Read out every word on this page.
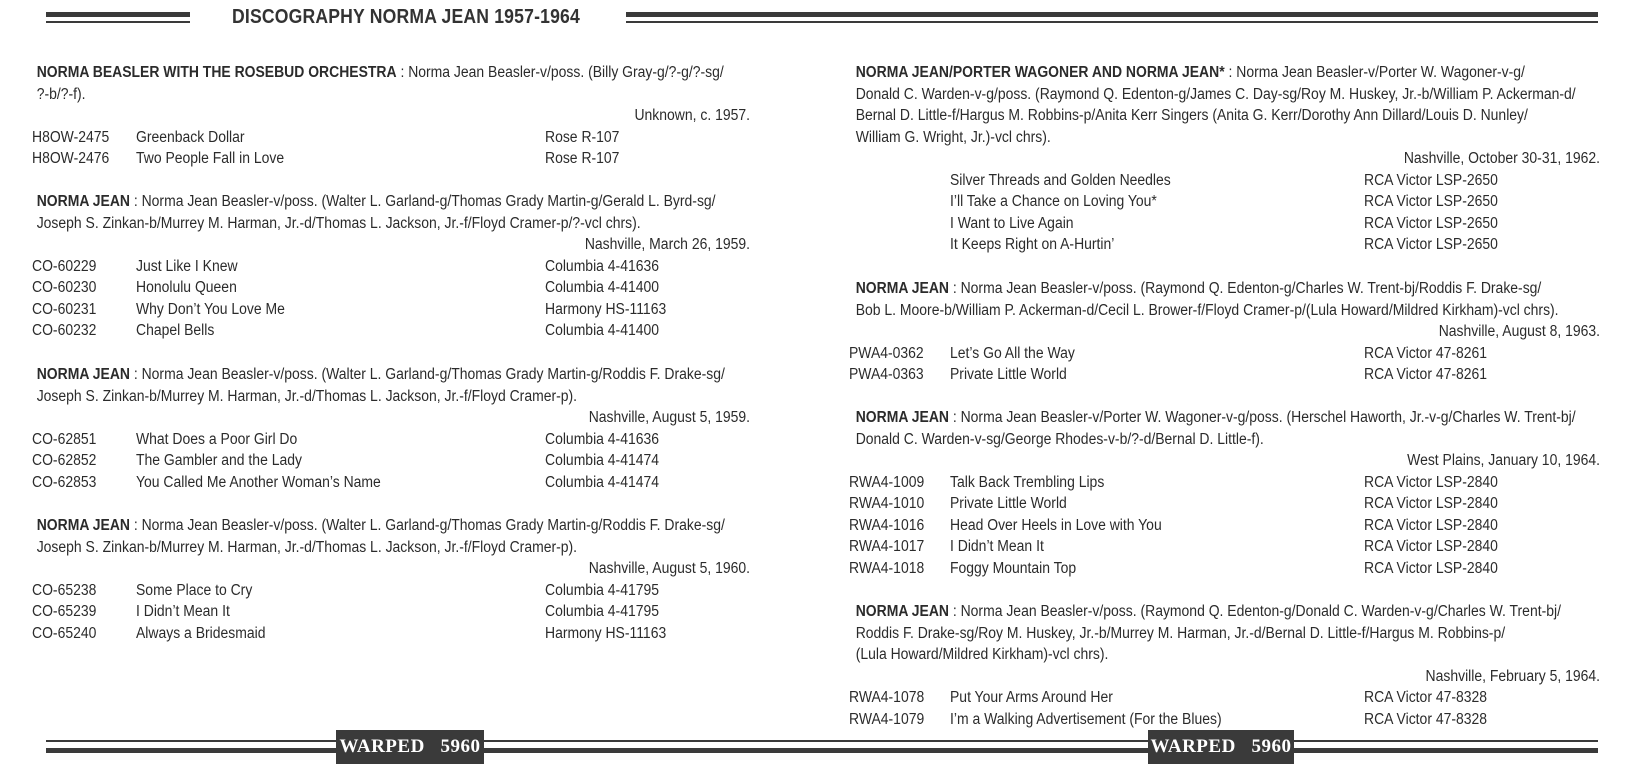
DISCOGRAPHY NORMA JEAN 1957-1964
NORMA BEASLER WITH THE ROSEBUD ORCHESTRA : Norma Jean Beasler-v/poss. (Billy Gray-g/?-g/?-sg/
?-b/?-f).
Unknown, c. 1957.
H8OW-2475 Greenback Dollar	Rose R-107
H8OW-2476 Two People Fall in Love	Rose R-107
NORMA JEAN : Norma Jean Beasler-v/poss. (Walter L. Garland-g/Thomas Grady Martin-g/Gerald L. Byrd-sg/
Joseph S. Zinkan-b/Murrey M. Harman, Jr.-d/Thomas L. Jackson, Jr.-f/Floyd Cramer-p/?-vcl chrs).
Nashville, March 26, 1959.
CO-60229	Just Like I Knew	Columbia 4-41636
CO-60230	Honolulu Queen	Columbia 4-41400
CO-60231	Why Don’t You Love Me	Harmony HS-11163
CO-60232	Chapel Bells	Columbia 4-41400
NORMA JEAN : Norma Jean Beasler-v/poss. (Walter L. Garland-g/Thomas Grady Martin-g/Roddis F. Drake-sg/
Joseph S. Zinkan-b/Murrey M. Harman, Jr.-d/Thomas L. Jackson, Jr.-f/Floyd Cramer-p).
Nashville, August 5, 1959.
CO-62851	What Does a Poor Girl Do	Columbia 4-41636
CO-62852	The Gambler and the Lady	Columbia 4-41474
CO-62853	You Called Me Another Woman’s Name	Columbia 4-41474
NORMA JEAN : Norma Jean Beasler-v/poss. (Walter L. Garland-g/Thomas Grady Martin-g/Roddis F. Drake-sg/
Joseph S. Zinkan-b/Murrey M. Harman, Jr.-d/Thomas L. Jackson, Jr.-f/Floyd Cramer-p).
Nashville, August 5, 1960.
CO-65238	Some Place to Cry	Columbia 4-41795
CO-65239	I Didn’t Mean It	Columbia 4-41795
CO-65240	Always a Bridesmaid	Harmony HS-11163
NORMA JEAN/PORTER WAGONER AND NORMA JEAN* : Norma Jean Beasler-v/Porter W. Wagoner-v-g/
Donald C. Warden-v-g/poss. (Raymond Q. Edenton-g/James C. Day-sg/Roy M. Huskey, Jr.-b/William P. Ackerman-d/
Bernal D. Little-f/Hargus M. Robbins-p/Anita Kerr Singers (Anita G. Kerr/Dorothy Ann Dillard/Louis D. Nunley/
William G. Wright, Jr.)-vcl chrs).
Nashville, October 30-31, 1962.
Silver Threads and Golden Needles	RCA Victor LSP-2650
I’ll Take a Chance on Loving You*	RCA Victor LSP-2650
I Want to Live Again	RCA Victor LSP-2650
It Keeps Right on A-Hurtin’	RCA Victor LSP-2650
NORMA JEAN : Norma Jean Beasler-v/poss. (Raymond Q. Edenton-g/Charles W. Trent-bj/Roddis F. Drake-sg/
Bob L. Moore-b/William P. Ackerman-d/Cecil L. Brower-f/Floyd Cramer-p/(Lula Howard/Mildred Kirkham)-vcl chrs).
Nashville, August 8, 1963.
PWA4-0362 Let’s Go All the Way	RCA Victor 47-8261
PWA4-0363 Private Little World	RCA Victor 47-8261
NORMA JEAN : Norma Jean Beasler-v/Porter W. Wagoner-v-g/poss. (Herschel Haworth, Jr.-v-g/Charles W. Trent-bj/
Donald C. Warden-v-sg/George Rhodes-v-b/?-d/Bernal D. Little-f).
West Plains, January 10, 1964.
RWA4-1009 Talk Back Trembling Lips	RCA Victor LSP-2840
RWA4-1010 Private Little World	RCA Victor LSP-2840
RWA4-1016 Head Over Heels in Love with You	RCA Victor LSP-2840
RWA4-1017 I Didn’t Mean It	RCA Victor LSP-2840
RWA4-1018 Foggy Mountain Top	RCA Victor LSP-2840
NORMA JEAN : Norma Jean Beasler-v/poss. (Raymond Q. Edenton-g/Donald C. Warden-v-g/Charles W. Trent-bj/
Roddis F. Drake-sg/Roy M. Huskey, Jr.-b/Murrey M. Harman, Jr.-d/Bernal D. Little-f/Hargus M. Robbins-p/
(Lula Howard/Mildred Kirkham)-vcl chrs).
Nashville, February 5, 1964.
RWA4-1078 Put Your Arms Around Her	RCA Victor 47-8328
RWA4-1079 I’m a Walking Advertisement (For the Blues)	RCA Victor 47-8328
WARPED   5960	WARPED   5960
